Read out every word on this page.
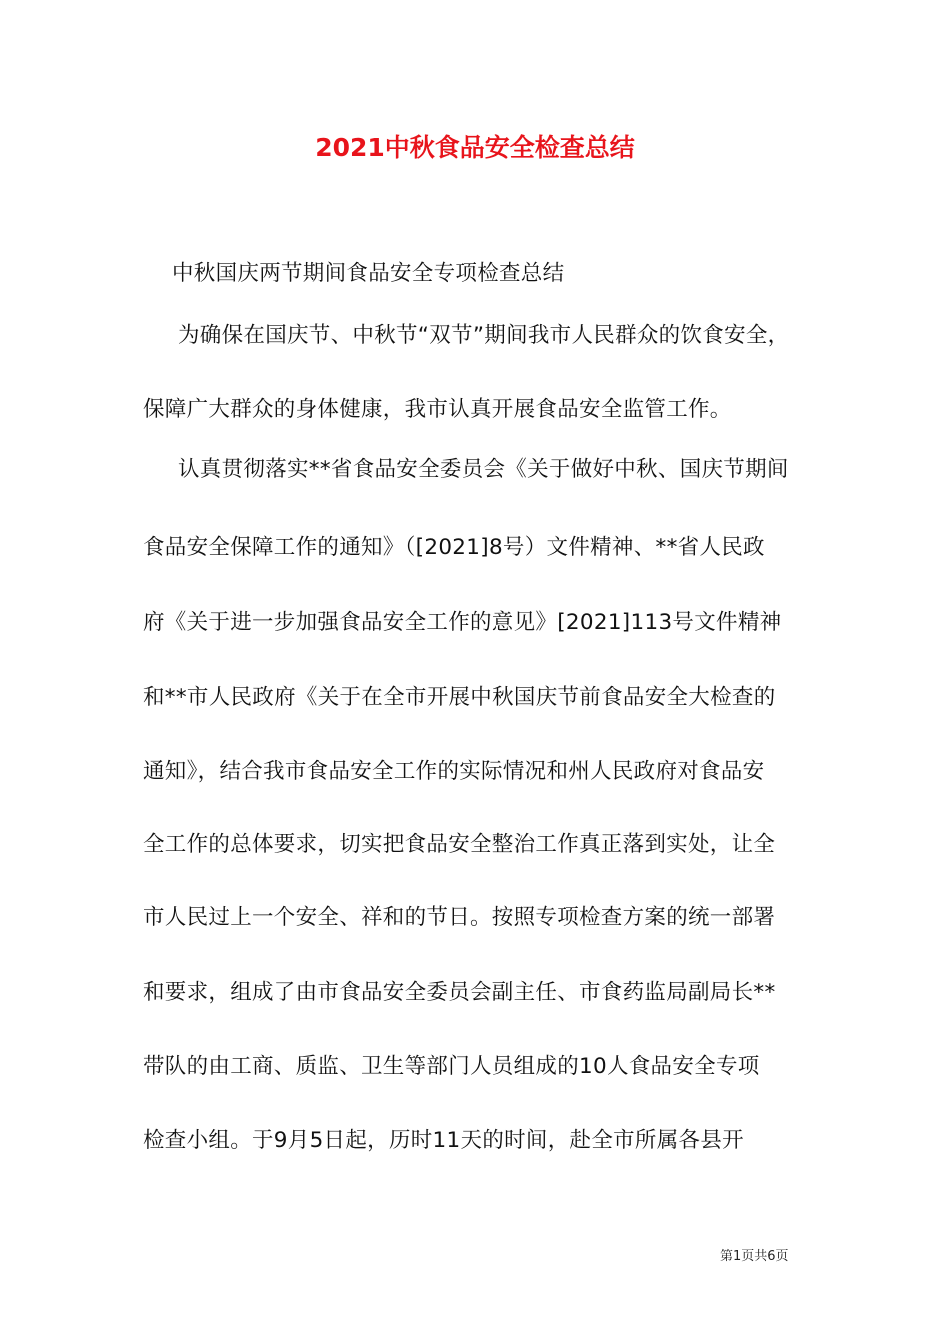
2021中秋食品安全检查总结
中秋国庆两节期间食品安全专项检查总结
为确保在国庆节、中秋节“双节”期间我市人民群众的饮食安全，
保障广大群众的身体健康，我市认真开展食品安全监管工作。
认真贯彻落实**省食品安全委员会《关于做好中秋、国庆节期间
食品安全保障工作的通知》（[2021]8号）文件精神、**省人民政
府《关于进一步加强食品安全工作的意见》[2021]113号文件精神
和**市人民政府《关于在全市开展中秋国庆节前食品安全大检查的
通知》，结合我市食品安全工作的实际情况和州人民政府对食品安
全工作的总体要求，切实把食品安全整治工作真正落到实处，让全
市人民过上一个安全、祥和的节日。按照专项检查方案的统一部署
和要求，组成了由市食品安全委员会副主任、市食药监局副局长**
带队的由工商、质监、卫生等部门人员组成的10人食品安全专项
检查小组。于9月5日起，历时11天的时间，赴全市所属各县开
第1页共6页
